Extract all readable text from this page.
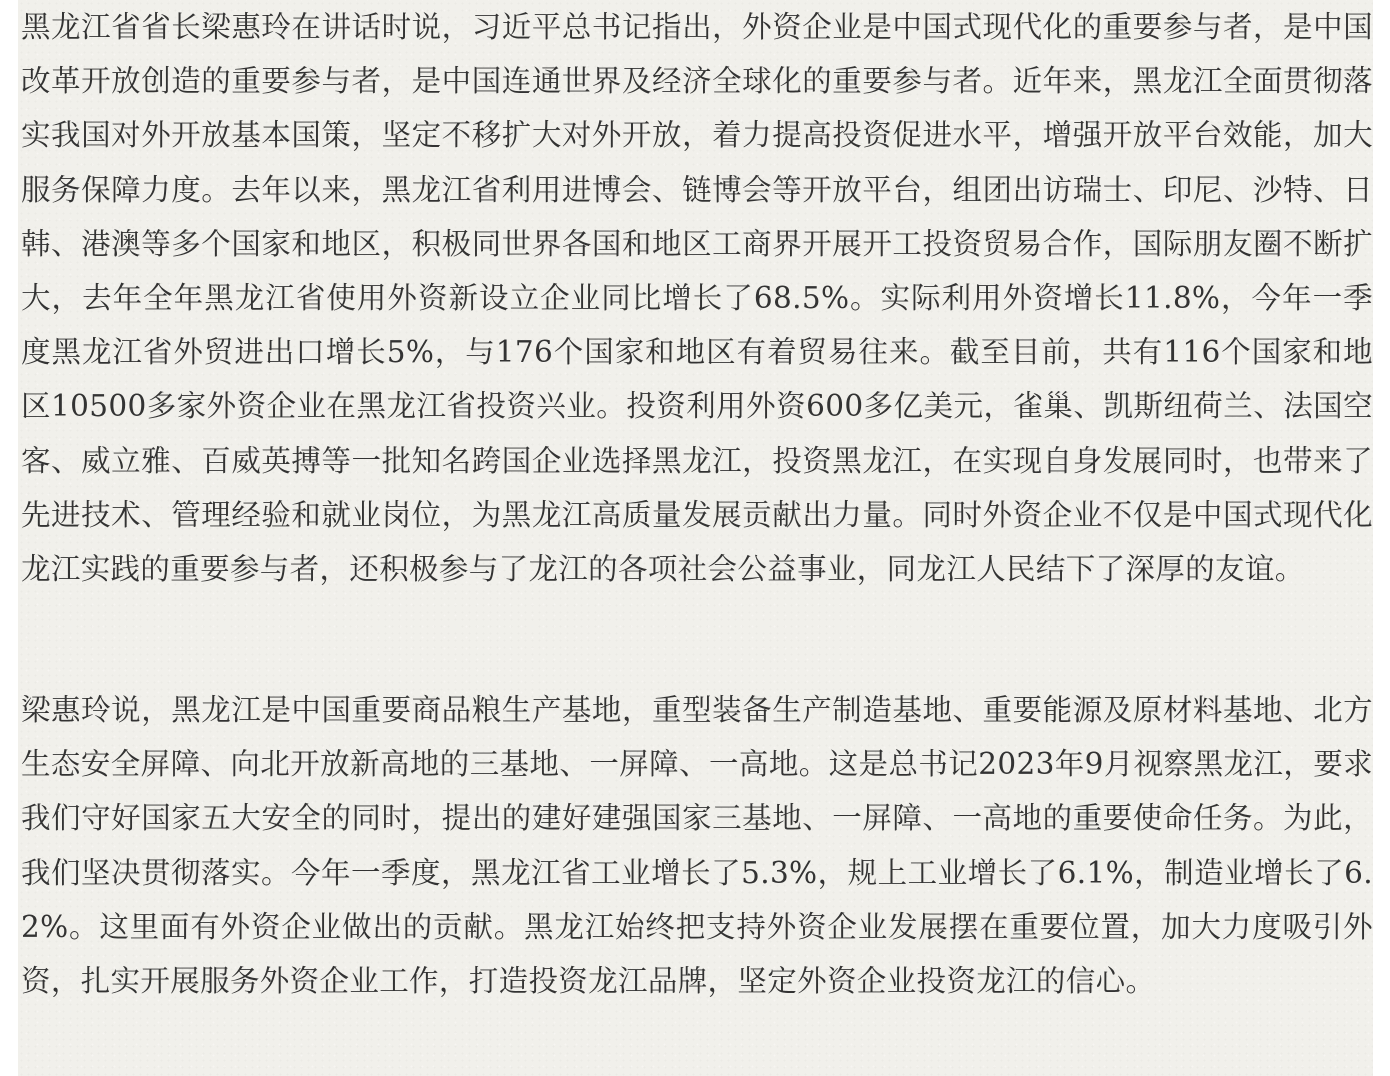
黑龙江省省长梁惠玲在讲话时说，习近平总书记指出，外资企业是中国式现代化的重要参与者，是中国改革开放创造的重要参与者，是中国连通世界及经济全球化的重要参与者。近年来，黑龙江全面贯彻落实我国对外开放基本国策，坚定不移扩大对外开放，着力提高投资促进水平，增强开放平台效能，加大服务保障力度。去年以来，黑龙江省利用进博会、链博会等开放平台，组团出访瑞士、印尼、沙特、日韩、港澳等多个国家和地区，积极同世界各国和地区工商界开展开工投资贸易合作，国际朋友圈不断扩大，去年全年黑龙江省使用外资新设立企业同比增长了68.5%。实际利用外资增长11.8%，今年一季度黑龙江省外贸进出口增长5%，与176个国家和地区有着贸易往来。截至目前，共有116个国家和地区10500多家外资企业在黑龙江省投资兴业。投资利用外资600多亿美元，雀巢、凯斯纽荷兰、法国空客、威立雅、百威英搏等一批知名跨国企业选择黑龙江，投资黑龙江，在实现自身发展同时，也带来了先进技术、管理经验和就业岗位，为黑龙江高质量发展贡献出力量。同时外资企业不仅是中国式现代化龙江实践的重要参与者，还积极参与了龙江的各项社会公益事业，同龙江人民结下了深厚的友谊。

梁惠玲说，黑龙江是中国重要商品粮生产基地，重型装备生产制造基地、重要能源及原材料基地、北方生态安全屏障、向北开放新高地的三基地、一屏障、一高地。这是总书记2023年9月视察黑龙江，要求我们守好国家五大安全的同时，提出的建好建强国家三基地、一屏障、一高地的重要使命任务。为此，我们坚决贯彻落实。今年一季度，黑龙江省工业增长了5.3%，规上工业增长了6.1%，制造业增长了6.2%。这里面有外资企业做出的贡献。黑龙江始终把支持外资企业发展摆在重要位置，加大力度吸引外资，扎实开展服务外资企业工作，打造投资龙江品牌，坚定外资企业投资龙江的信心。
